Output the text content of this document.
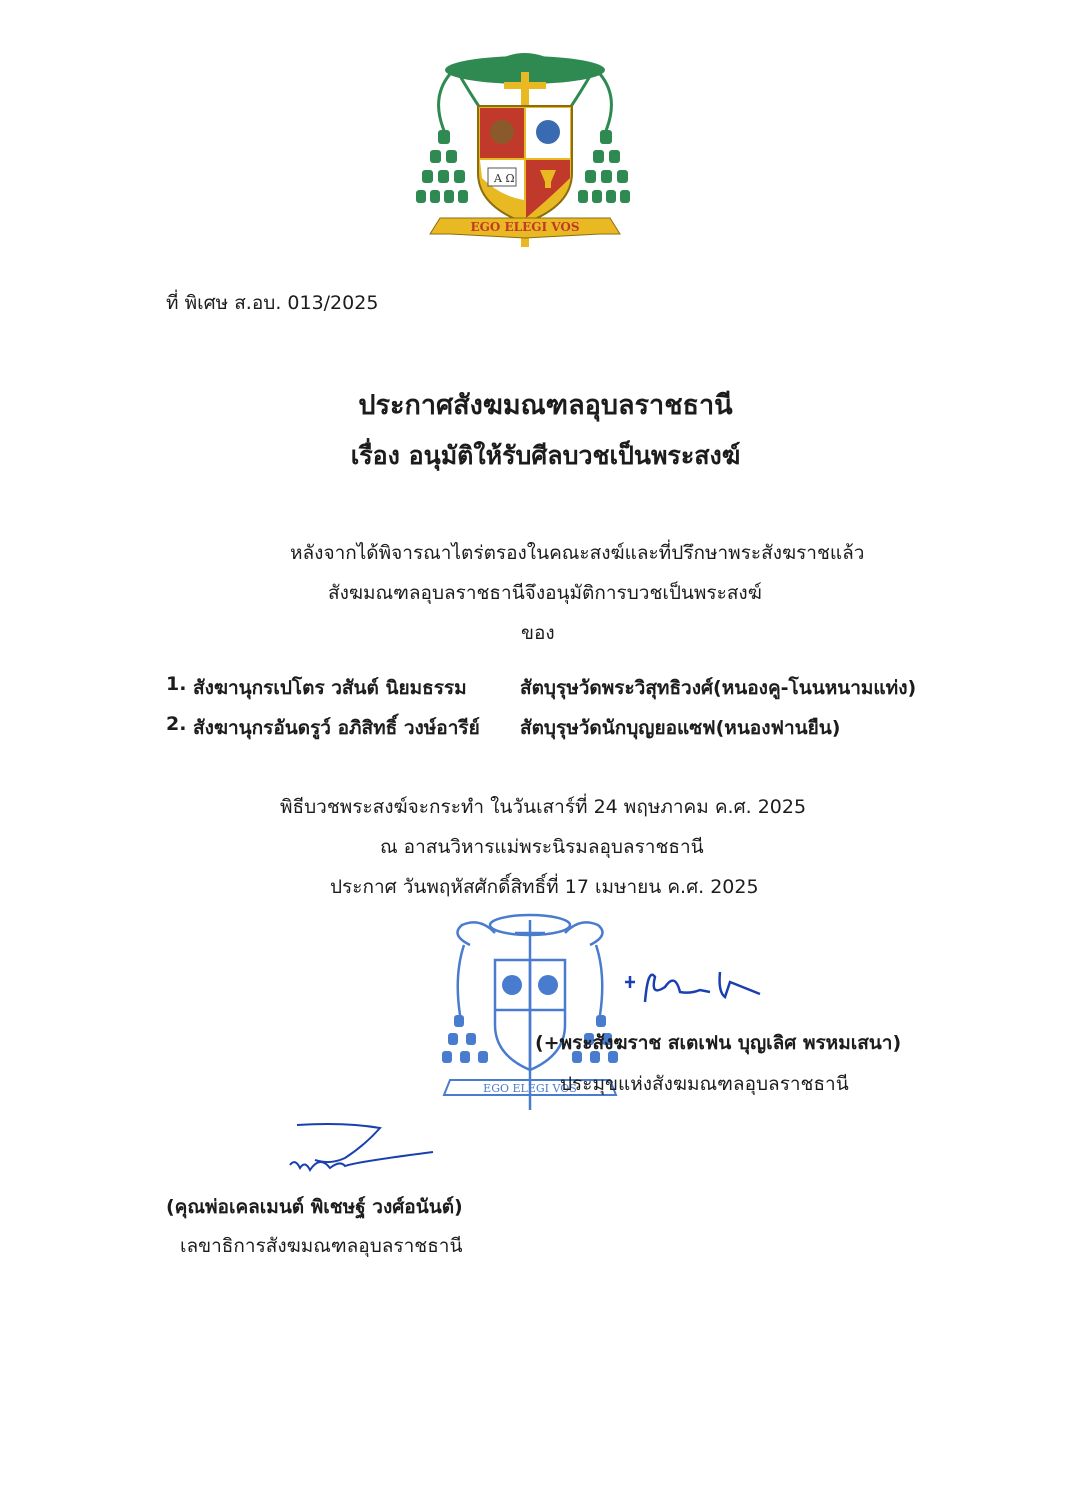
A Ω
EGO ELEGI VOS
ที่ พิเศษ ส.อบ. 013/2025
ประกาศสังฆมณฑลอุบลราชธานี
เรื่อง อนุมัติให้รับศีลบวชเป็นพระสงฆ์
หลังจากได้พิจารณาไตร่ตรองในคณะสงฆ์และที่ปรึกษาพระสังฆราชแล้ว
สังฆมณฑลอุบลราชธานีจึงอนุมัติการบวชเป็นพระสงฆ์
ของ
1. สังฆานุกรเปโตร วสันต์ นิยมธรรม	สัตบุรุษวัดพระวิสุทธิวงศ์(หนองคู-โนนหนามแท่ง)
2. สังฆานุกรอันดรูว์ อภิสิทธิ์ วงษ์อารีย์ สัตบุรุษวัดนักบุญยอแซฟ(หนองฟานยืน)
พิธีบวชพระสงฆ์จะกระทำ ในวันเสาร์ที่ 24 พฤษภาคม ค.ศ. 2025
ณ อาสนวิหารแม่พระนิรมลอุบลราชธานี
ประกาศ วันพฤหัสศักดิ์สิทธิ์ที่ 17 เมษายน ค.ศ. 2025
EGO ELEGI VOS
(+พระสังฆราช สเตเฟน บุญเลิศ พรหมเสนา)
ประมุขแห่งสังฆมณฑลอุบลราชธานี
(คุณพ่อเคลเมนต์ พิเชษฐ์ วงศ์อนันต์)
เลขาธิการสังฆมณฑลอุบลราชธานี
